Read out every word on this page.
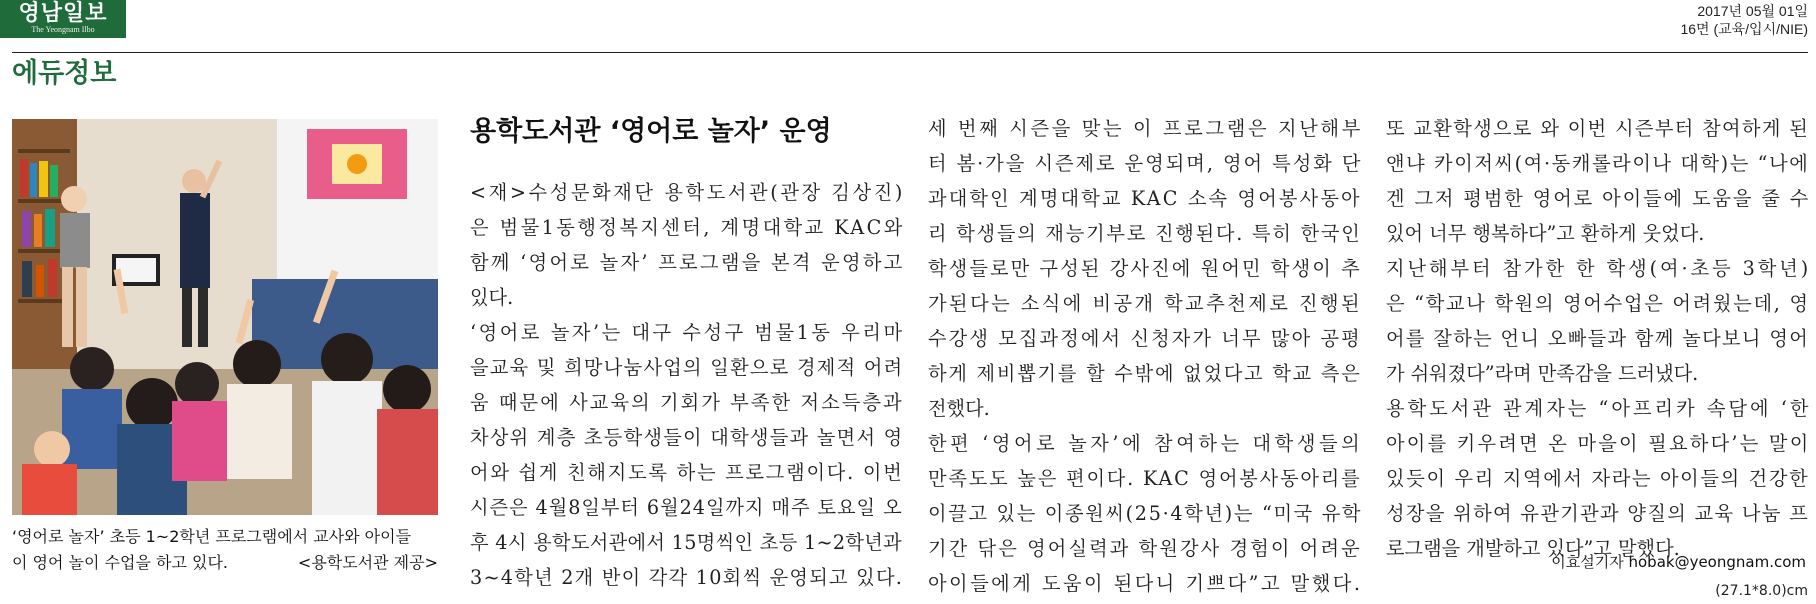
영남일보
The Yeongnam Ilbo
2017년 05월 01일
16면 (교육/입시/NIE)
에듀정보
‘영어로 놀자’ 초등 1~2학년 프로그램에서 교사와 아이들
이 영어 놀이 수업을 하고 있다.	<용학도서관 제공>
용학도서관 ‘영어로 놀자’ 운영
<재>수성문화재단 용학도서관(관장 김상진)
은 범물1동행정복지센터, 계명대학교 KAC와
함께 ‘영어로 놀자’ 프로그램을 본격 운영하고
있다.
‘영어로 놀자’는 대구 수성구 범물1동 우리마
을교육 및 희망나눔사업의 일환으로 경제적 어려
움 때문에 사교육의 기회가 부족한 저소득층과
차상위 계층 초등학생들이 대학생들과 놀면서 영
어와 쉽게 친해지도록 하는 프로그램이다. 이번
시즌은 4월8일부터 6월24일까지 매주 토요일 오
후 4시 용학도서관에서 15명씩인 초등 1~2학년과
3~4학년 2개 반이 각각 10회씩 운영되고 있다.
세 번째 시즌을 맞는 이 프로그램은 지난해부
터 봄·가을 시즌제로 운영되며, 영어 특성화 단
과대학인 계명대학교 KAC 소속 영어봉사동아
리 학생들의 재능기부로 진행된다. 특히 한국인
학생들로만 구성된 강사진에 원어민 학생이 추
가된다는 소식에 비공개 학교추천제로 진행된
수강생 모집과정에서 신청자가 너무 많아 공평
하게 제비뽑기를 할 수밖에 없었다고 학교 측은
전했다.
한편 ‘영어로 놀자’에 참여하는 대학생들의
만족도도 높은 편이다. KAC 영어봉사동아리를
이끌고 있는 이종원씨(25·4학년)는 “미국 유학
기간 닦은 영어실력과 학원강사 경험이 어려운
아이들에게 도움이 된다니 기쁘다”고 말했다.
또 교환학생으로 와 이번 시즌부터 참여하게 된
앤냐 카이저씨(여·동캐롤라이나 대학)는 “나에
겐 그저 평범한 영어로 아이들에 도움을 줄 수
있어 너무 행복하다”고 환하게 웃었다.
지난해부터 참가한 한 학생(여·초등 3학년)
은 “학교나 학원의 영어수업은 어려웠는데, 영
어를 잘하는 언니 오빠들과 함께 놀다보니 영어
가 쉬워졌다”라며 만족감을 드러냈다.
용학도서관 관계자는 “아프리카 속담에 ‘한
아이를 키우려면 온 마을이 필요하다’는 말이
있듯이 우리 지역에서 자라는 아이들의 건강한
성장을 위하여 유관기관과 양질의 교육 나눔 프
로그램을 개발하고 있다”고 말했다.
이효설기자 hobak@yeongnam.com
(27.1*8.0)cm
